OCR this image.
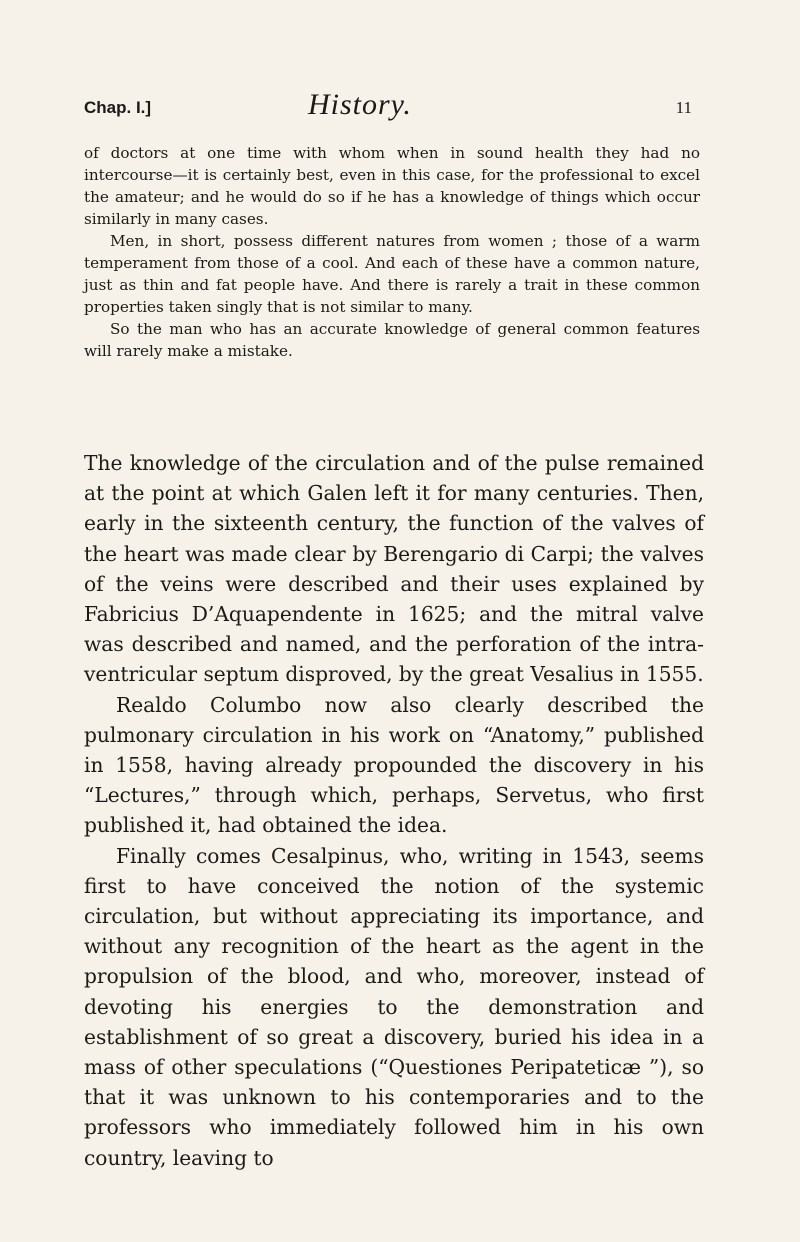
Chap. I.]	History.	11

of doctors at one time with whom when in sound health they had no intercourse—it is certainly best, even in this case, for the professional to excel the amateur; and he would do so if he has a knowledge of things which occur similarly in many cases.

Men, in short, possess different natures from women ; those of a warm temperament from those of a cool. And each of these have a common nature, just as thin and fat people have. And there is rarely a trait in these common properties taken singly that is not similar to many.

So the man who has an accurate knowledge of general common features will rarely make a mistake.

The knowledge of the circulation and of the pulse remained at the point at which Galen left it for many centuries. Then, early in the sixteenth century, the function of the valves of the heart was made clear by Berengario di Carpi; the valves of the veins were described and their uses explained by Fabricius D’Aquapendente in 1625; and the mitral valve was described and named, and the perforation of the intra-ventricular septum disproved, by the great Vesalius in 1555.

Realdo Columbo now also clearly described the pulmonary circulation in his work on “Anatomy,” published in 1558, having already propounded the discovery in his “Lectures,” through which, perhaps, Servetus, who first published it, had obtained the idea.

Finally comes Cesalpinus, who, writing in 1543, seems first to have conceived the notion of the systemic circulation, but without appreciating its importance, and without any recognition of the heart as the agent in the propulsion of the blood, and who, moreover, instead of devoting his energies to the demonstration and establishment of so great a discovery, buried his idea in a mass of other speculations (“Questiones Peripateticæ ”), so that it was unknown to his contemporaries and to the professors who immediately followed him in his own country, leaving to
